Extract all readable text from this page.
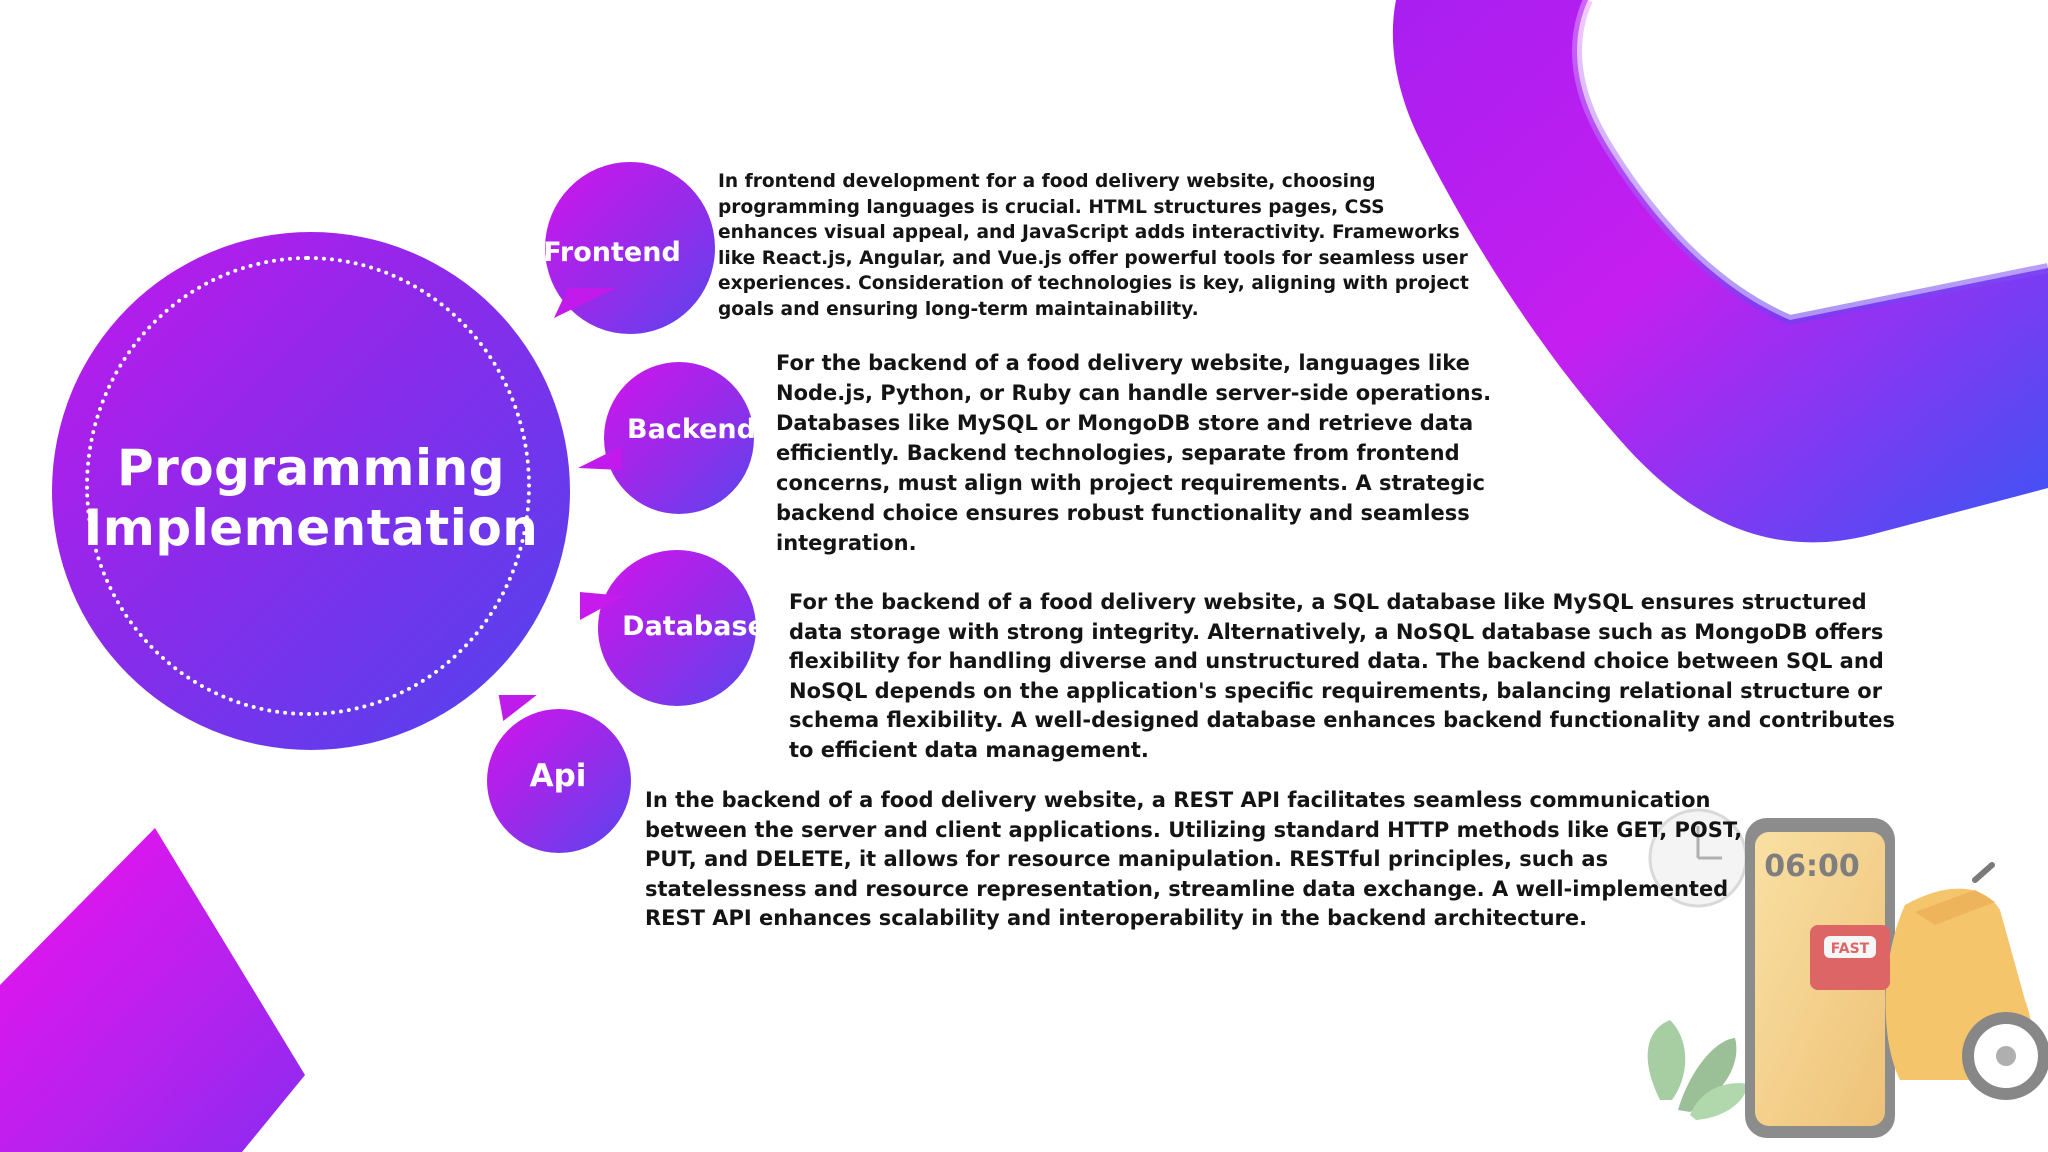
06:00
FAST
Programming
Implementation
Frontend
Backend
Database
Api

In frontend development for a food delivery website, choosing programming languages is crucial. HTML structures pages, CSS enhances visual appeal, and JavaScript adds interactivity. Frameworks like React.js, Angular, and Vue.js offer powerful tools for seamless user experiences. Consideration of technologies is key, aligning with project goals and ensuring long-term maintainability.

For the backend of a food delivery website, languages like Node.js, Python, or Ruby can handle server-side operations. Databases like MySQL or MongoDB store and retrieve data efficiently. Backend technologies, separate from frontend concerns, must align with project requirements. A strategic backend choice ensures robust functionality and seamless integration.

For the backend of a food delivery website, a SQL database like MySQL ensures structured data storage with strong integrity. Alternatively, a NoSQL database such as MongoDB offers flexibility for handling diverse and unstructured data. The backend choice between SQL and NoSQL depends on the application's specific requirements, balancing relational structure or schema flexibility. A well-designed database enhances backend functionality and contributes to efficient data management.

In the backend of a food delivery website, a REST API facilitates seamless communication between the server and client applications. Utilizing standard HTTP methods like GET, POST, PUT, and DELETE, it allows for resource manipulation. RESTful principles, such as statelessness and resource representation, streamline data exchange. A well-implemented REST API enhances scalability and interoperability in the backend architecture.
